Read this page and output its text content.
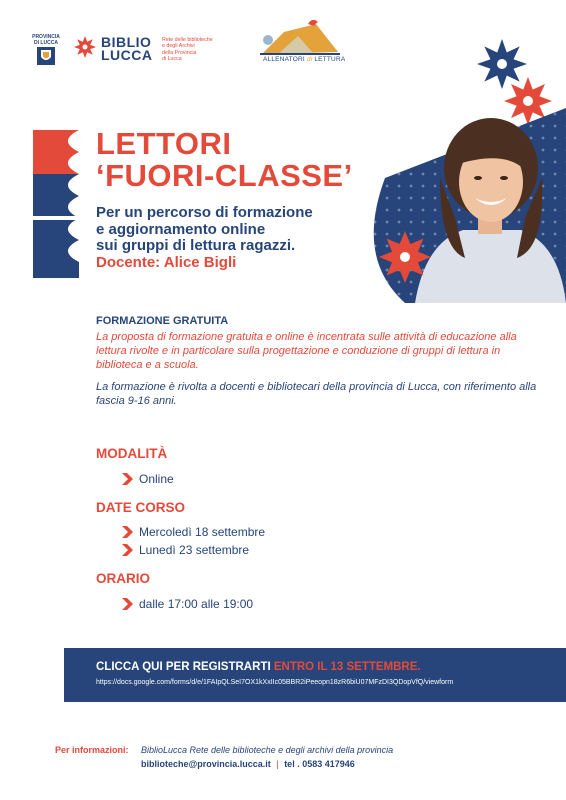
PROVINCIA DI LUCCA	BIBLIO
LUCCA
Rete delle biblioteche
e degli Archivi
della Provincia
di Lucca	ALLENATORI di LETTURA
LETTORI
‘FUORI-CLASSE’

Per un percorso di formazione
e aggiornamento online
sui gruppi di lettura ragazzi.
Docente: Alice Bigli

FORMAZIONE GRATUITA

La proposta di formazione gratuita e online è incentrata sulle attività di educazione alla lettura rivolte e in particolare sulla progettazione e conduzione di gruppi di lettura in biblioteca e a scuola.

La formazione è rivolta a docenti e bibliotecari della provincia di Lucca, con riferimento alla fascia 9-16 anni.

MODALITÀ
Online
DATE CORSO
Mercoledì 18 settembre
Lunedì 23 settembre
ORARIO
dalle 17:00 alle 19:00
CLICCA QUI PER REGISTRARTI ENTRO IL 13 SETTEMBRE.
https://docs.google.com/forms/d/e/1FAIpQLSeI7OX1kXxIIc05BBR2iPeeopn18zR6biU07MFzDI3QDopVfQ/viewform
Per informazioni: BiblioLucca Rete delle biblioteche e degli archivi della provincia
biblioteche@provincia.lucca.it | tel . 0583 417946
